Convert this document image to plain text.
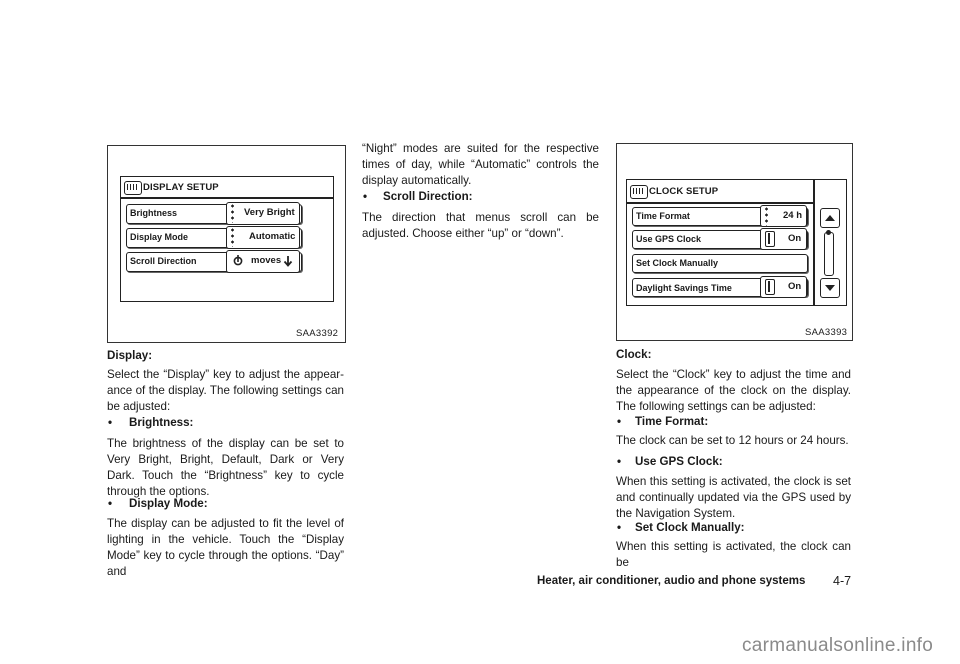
DISPLAY SETUP
Brightness	Very Bright
Display Mode	Automatic
Scroll Direction	moves
SAA3392
CLOCK SETUP
Time Format	24 h
Use GPS Clock	On
Set Clock Manually
Daylight Savings Time	On
SAA3393
Display:
Select the “Display” key to adjust the appear-ance of the display. The following settings can be adjusted:
• Brightness:
The brightness of the display can be set to Very Bright, Bright, Default, Dark or Very Dark. Touch the “Brightness” key to cycle through the options.
• Display Mode:
The display can be adjusted to fit the level of lighting in the vehicle. Touch the “Display Mode” key to cycle through the options. “Day” and
“Night” modes are suited for the respective times of day, while “Automatic” controls the display automatically.
• Scroll Direction:
The direction that menus scroll can be adjusted. Choose either “up” or “down”.
Clock:
Select the “Clock” key to adjust the time and the appearance of the clock on the display. The following settings can be adjusted:
• Time Format:
The clock can be set to 12 hours or 24 hours.
• Use GPS Clock:
When this setting is activated, the clock is set and continually updated via the GPS used by the Navigation System.
• Set Clock Manually:
When this setting is activated, the clock can be
Heater, air conditioner, audio and phone systems 4-7
carmanualsonline.info
